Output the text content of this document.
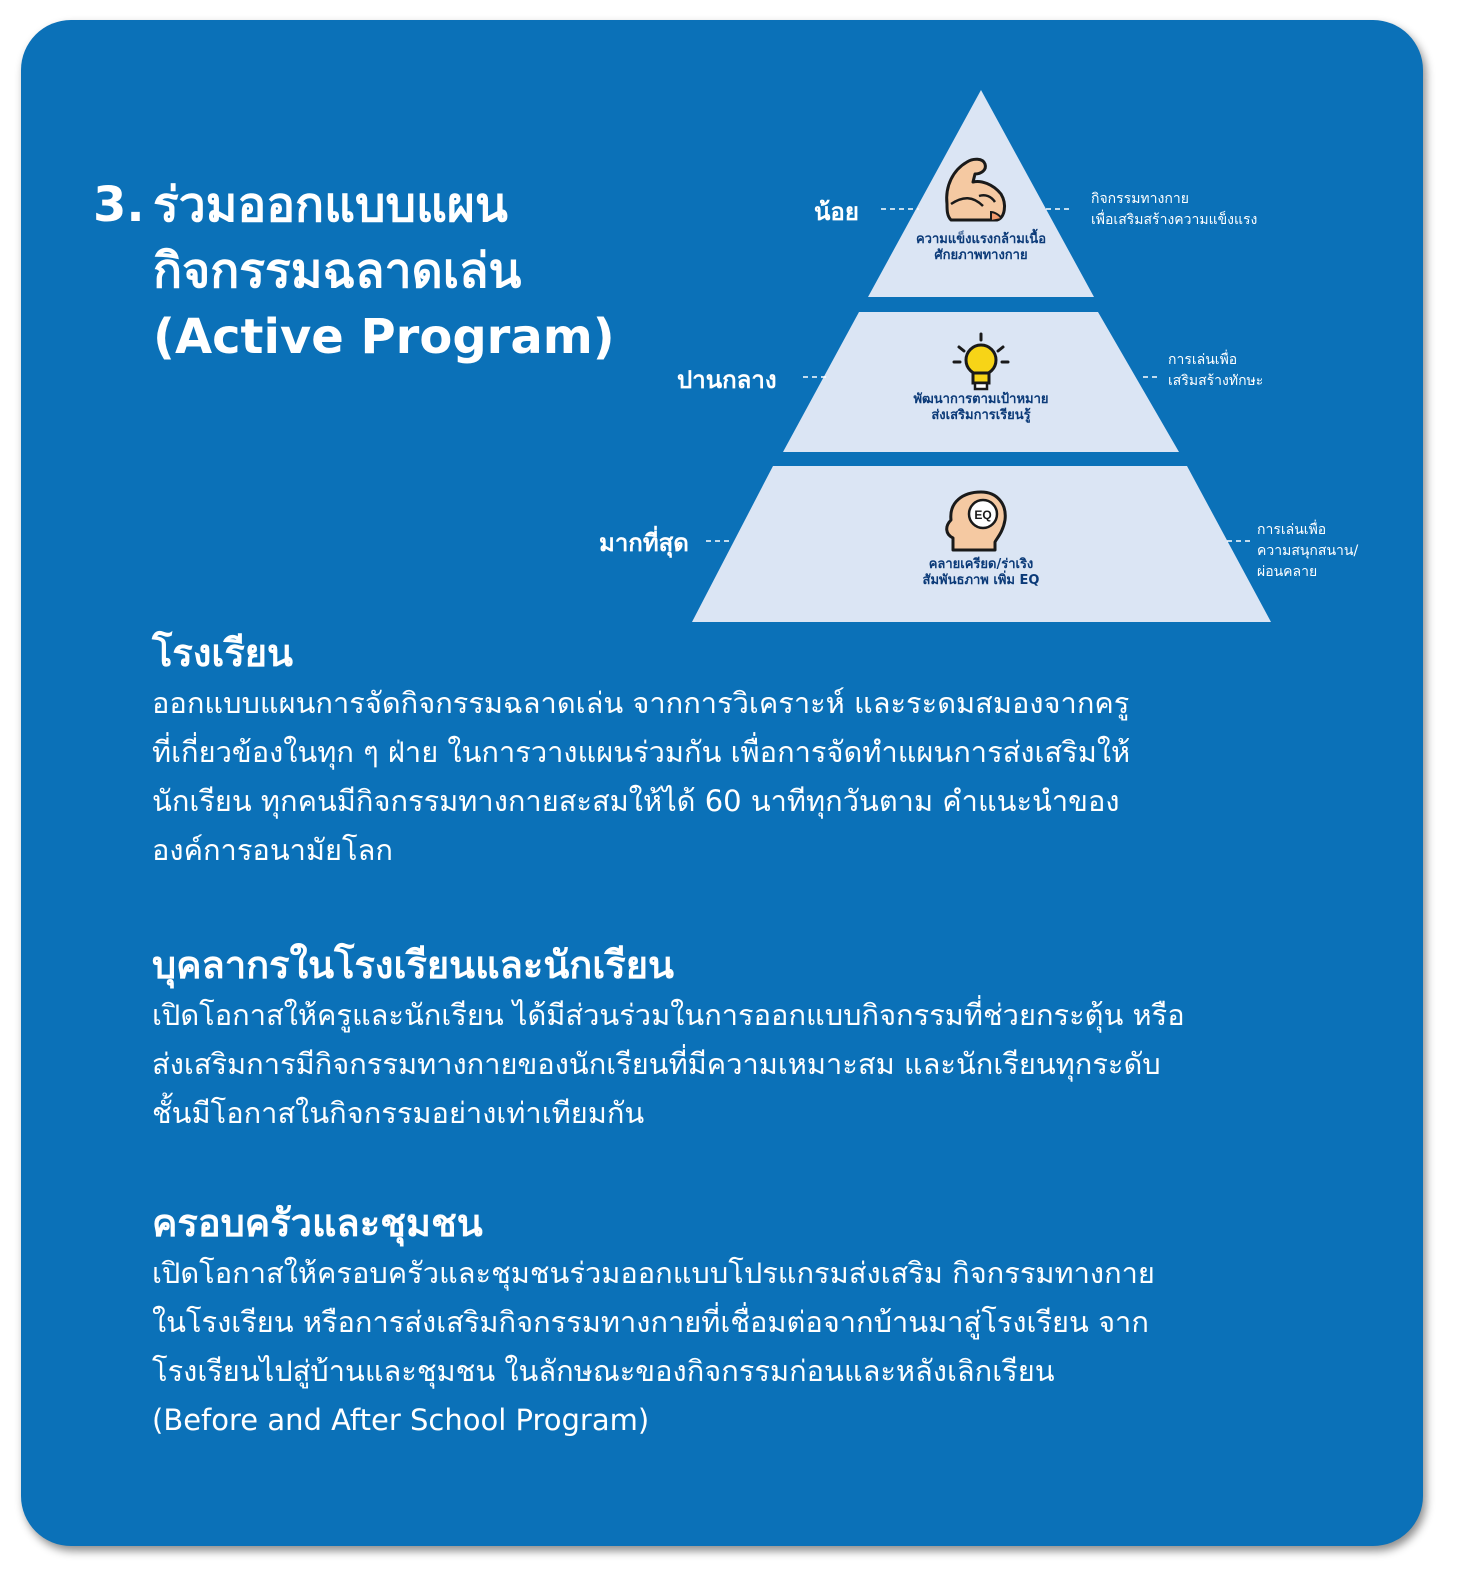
3. ร่วมออกแบบแผน
กิจกรรมฉลาดเล่น
(Active Program)
EQ
น้อย
ปานกลาง
มากที่สุด
ความแข็งแรงกล้ามเนื้อ
ศักยภาพทางกาย
พัฒนาการตามเป้าหมาย
ส่งเสริมการเรียนรู้
คลายเครียด/ร่าเริง
สัมพันธภาพ เพิ่ม EQ
กิจกรรมทางกาย
เพื่อเสริมสร้างความแข็งแรง
การเล่นเพื่อ
เสริมสร้างทักษะ
การเล่นเพื่อ
ความสนุกสนาน/
ผ่อนคลาย
โรงเรียน

ออกแบบแผนการจัดกิจกรรมฉลาดเล่น จากการวิเคราะห์ และระดมสมองจากครู

ที่เกี่ยวข้องในทุก ๆ ฝ่าย ในการวางแผนร่วมกัน เพื่อการจัดทำแผนการส่งเสริมให้

นักเรียน ทุกคนมีกิจกรรมทางกายสะสมให้ได้ 60 นาทีทุกวันตาม คำแนะนำของ

องค์การอนามัยโลก

บุคลากรในโรงเรียนและนักเรียน

เปิดโอกาสให้ครูและนักเรียน ได้มีส่วนร่วมในการออกแบบกิจกรรมที่ช่วยกระตุ้น หรือ

ส่งเสริมการมีกิจกรรมทางกายของนักเรียนที่มีความเหมาะสม และนักเรียนทุกระดับ

ชั้นมีโอกาสในกิจกรรมอย่างเท่าเทียมกัน

ครอบครัวและชุมชน

เปิดโอกาสให้ครอบครัวและชุมชนร่วมออกแบบโปรแกรมส่งเสริม กิจกรรมทางกาย

ในโรงเรียน หรือการส่งเสริมกิจกรรมทางกายที่เชื่อมต่อจากบ้านมาสู่โรงเรียน จาก

โรงเรียนไปสู่บ้านและชุมชน ในลักษณะของกิจกรรมก่อนและหลังเลิกเรียน

(Before and After School Program)
